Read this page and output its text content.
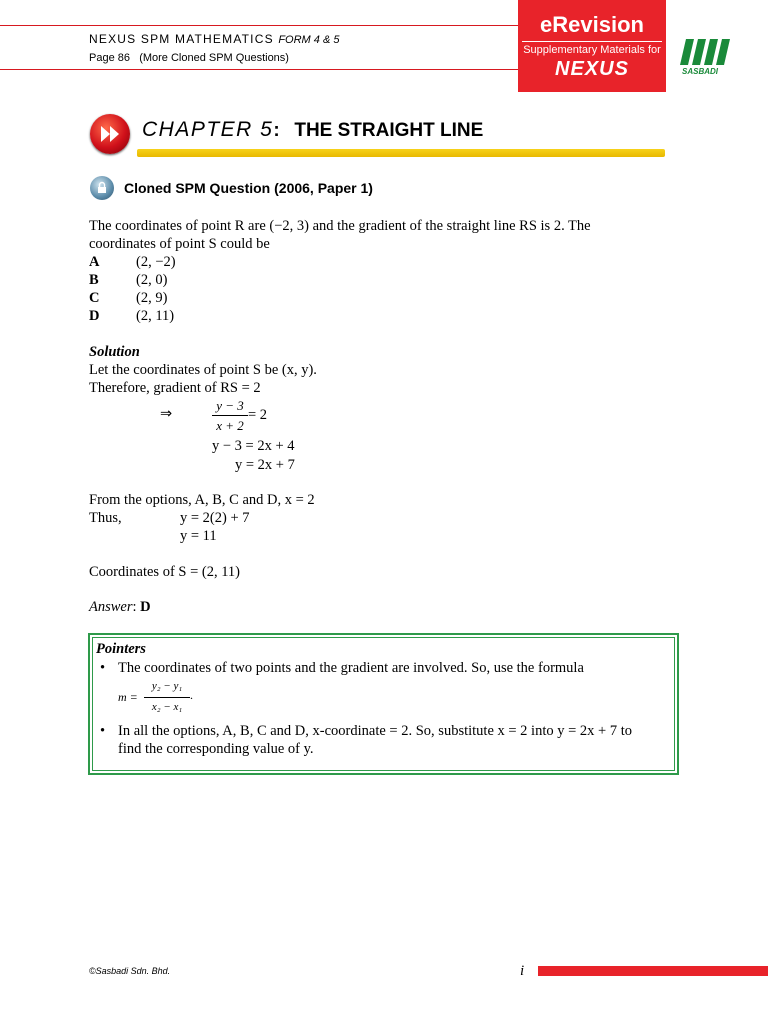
NEXUS SPM MATHEMATICS FORM 4 & 5
Page 86 (More Cloned SPM Questions)
eRevision
Supplementary Materials for
NEXUS	SASBADI
CHAPTER 5: THE STRAIGHT LINE
Cloned SPM Question (2006, Paper 1)
The coordinates of point R are (−2, 3) and the gradient of the straight line RS is 2. The
coordinates of point S could be
A	(2, −2)
B	(2, 0)
C	(2, 9)
D	(2, 11)
Solution
Let the coordinates of point S be (x, y).
Therefore, gradient of RS = 2
⇒
y − 3
x + 2
= 2
y − 3 = 2x + 4
y = 2x + 7
From the options, A, B, C and D, x = 2
Thus,	y = 2(2) + 7
y = 11
Coordinates of S = (2, 11)
Answer: D
Pointers
• The coordinates of two points and the gradient are involved. So, use the formula
m =
y₂ − y₁
x₂ − x₁
.
• In all the options, A, B, C and D, x-coordinate = 2. So, substitute x = 2 into y = 2x + 7 to
find the corresponding value of y.
©Sasbadi Sdn. Bhd.	i
